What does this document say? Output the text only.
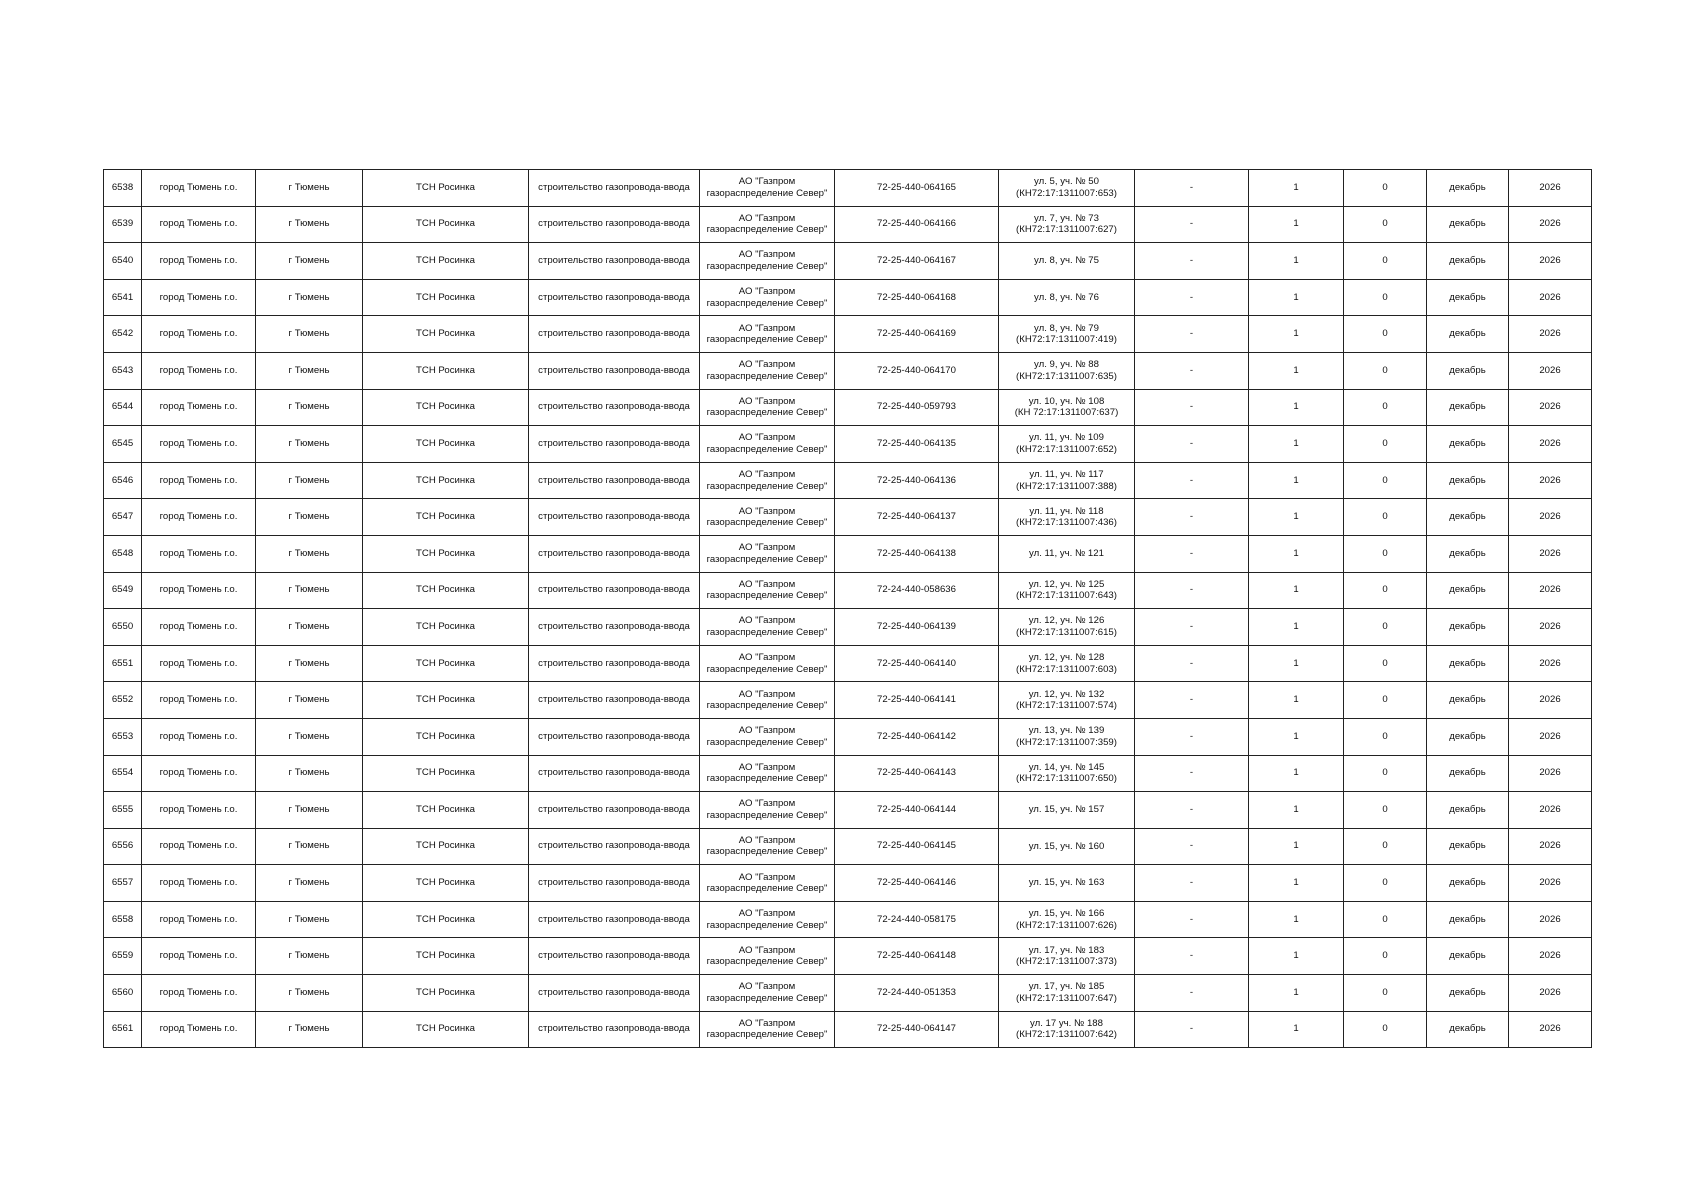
6538	город Тюмень г.о.	г Тюмень	ТСН Росинка	строительство газопровода-ввода	АО "Газпром
газораспределение Север"	72-25-440-064165	ул. 5, уч. № 50
(КН72:17:1311007:653)	-	1	0	декабрь	2026
6539	город Тюмень г.о.	г Тюмень	ТСН Росинка	строительство газопровода-ввода	АО "Газпром
газораспределение Север"	72-25-440-064166	ул. 7, уч. № 73
(КН72:17:1311007:627)	-	1	0	декабрь	2026
6540	город Тюмень г.о.	г Тюмень	ТСН Росинка	строительство газопровода-ввода	АО "Газпром
газораспределение Север"	72-25-440-064167	ул. 8, уч. № 75	-	1	0	декабрь	2026
6541	город Тюмень г.о.	г Тюмень	ТСН Росинка	строительство газопровода-ввода	АО "Газпром
газораспределение Север"	72-25-440-064168	ул. 8, уч. № 76	-	1	0	декабрь	2026
6542	город Тюмень г.о.	г Тюмень	ТСН Росинка	строительство газопровода-ввода	АО "Газпром
газораспределение Север"	72-25-440-064169	ул. 8, уч. № 79
(КН72:17:1311007:419)	-	1	0	декабрь	2026
6543	город Тюмень г.о.	г Тюмень	ТСН Росинка	строительство газопровода-ввода	АО "Газпром
газораспределение Север"	72-25-440-064170	ул. 9, уч. № 88
(КН72:17:1311007:635)	-	1	0	декабрь	2026
6544	город Тюмень г.о.	г Тюмень	ТСН Росинка	строительство газопровода-ввода	АО "Газпром
газораспределение Север"	72-25-440-059793	ул. 10, уч. № 108
(КН 72:17:1311007:637)	-	1	0	декабрь	2026
6545	город Тюмень г.о.	г Тюмень	ТСН Росинка	строительство газопровода-ввода	АО "Газпром
газораспределение Север"	72-25-440-064135	ул. 11, уч. № 109
(КН72:17:1311007:652)	-	1	0	декабрь	2026
6546	город Тюмень г.о.	г Тюмень	ТСН Росинка	строительство газопровода-ввода	АО "Газпром
газораспределение Север"	72-25-440-064136	ул. 11, уч. № 117
(КН72:17:1311007:388)	-	1	0	декабрь	2026
6547	город Тюмень г.о.	г Тюмень	ТСН Росинка	строительство газопровода-ввода	АО "Газпром
газораспределение Север"	72-25-440-064137	ул. 11, уч. № 118
(КН72:17:1311007:436)	-	1	0	декабрь	2026
6548	город Тюмень г.о.	г Тюмень	ТСН Росинка	строительство газопровода-ввода	АО "Газпром
газораспределение Север"	72-25-440-064138	ул. 11, уч. № 121	-	1	0	декабрь	2026
6549	город Тюмень г.о.	г Тюмень	ТСН Росинка	строительство газопровода-ввода	АО "Газпром
газораспределение Север"	72-24-440-058636	ул. 12, уч. № 125
(КН72:17:1311007:643)	-	1	0	декабрь	2026
6550	город Тюмень г.о.	г Тюмень	ТСН Росинка	строительство газопровода-ввода	АО "Газпром
газораспределение Север"	72-25-440-064139	ул. 12, уч. № 126
(КН72:17:1311007:615)	-	1	0	декабрь	2026
6551	город Тюмень г.о.	г Тюмень	ТСН Росинка	строительство газопровода-ввода	АО "Газпром
газораспределение Север"	72-25-440-064140	ул. 12, уч. № 128
(КН72:17:1311007:603)	-	1	0	декабрь	2026
6552	город Тюмень г.о.	г Тюмень	ТСН Росинка	строительство газопровода-ввода	АО "Газпром
газораспределение Север"	72-25-440-064141	ул. 12, уч. № 132
(КН72:17:1311007:574)	-	1	0	декабрь	2026
6553	город Тюмень г.о.	г Тюмень	ТСН Росинка	строительство газопровода-ввода	АО "Газпром
газораспределение Север"	72-25-440-064142	ул. 13, уч. № 139
(КН72:17:1311007:359)	-	1	0	декабрь	2026
6554	город Тюмень г.о.	г Тюмень	ТСН Росинка	строительство газопровода-ввода	АО "Газпром
газораспределение Север"	72-25-440-064143	ул. 14, уч. № 145
(КН72:17:1311007:650)	-	1	0	декабрь	2026
6555	город Тюмень г.о.	г Тюмень	ТСН Росинка	строительство газопровода-ввода	АО "Газпром
газораспределение Север"	72-25-440-064144	ул. 15, уч. № 157	-	1	0	декабрь	2026
6556	город Тюмень г.о.	г Тюмень	ТСН Росинка	строительство газопровода-ввода	АО "Газпром
газораспределение Север"	72-25-440-064145	ул. 15, уч. № 160	-	1	0	декабрь	2026
6557	город Тюмень г.о.	г Тюмень	ТСН Росинка	строительство газопровода-ввода	АО "Газпром
газораспределение Север"	72-25-440-064146	ул. 15, уч. № 163	-	1	0	декабрь	2026
6558	город Тюмень г.о.	г Тюмень	ТСН Росинка	строительство газопровода-ввода	АО "Газпром
газораспределение Север"	72-24-440-058175	ул. 15, уч. № 166
(КН72:17:1311007:626)	-	1	0	декабрь	2026
6559	город Тюмень г.о.	г Тюмень	ТСН Росинка	строительство газопровода-ввода	АО "Газпром
газораспределение Север"	72-25-440-064148	ул. 17, уч. № 183
(КН72:17:1311007:373)	-	1	0	декабрь	2026
6560	город Тюмень г.о.	г Тюмень	ТСН Росинка	строительство газопровода-ввода	АО "Газпром
газораспределение Север"	72-24-440-051353	ул. 17, уч. № 185
(КН72:17:1311007:647)	-	1	0	декабрь	2026
6561	город Тюмень г.о.	г Тюмень	ТСН Росинка	строительство газопровода-ввода	АО "Газпром
газораспределение Север"	72-25-440-064147	ул. 17 уч. № 188
(КН72:17:1311007:642)	-	1	0	декабрь	2026
